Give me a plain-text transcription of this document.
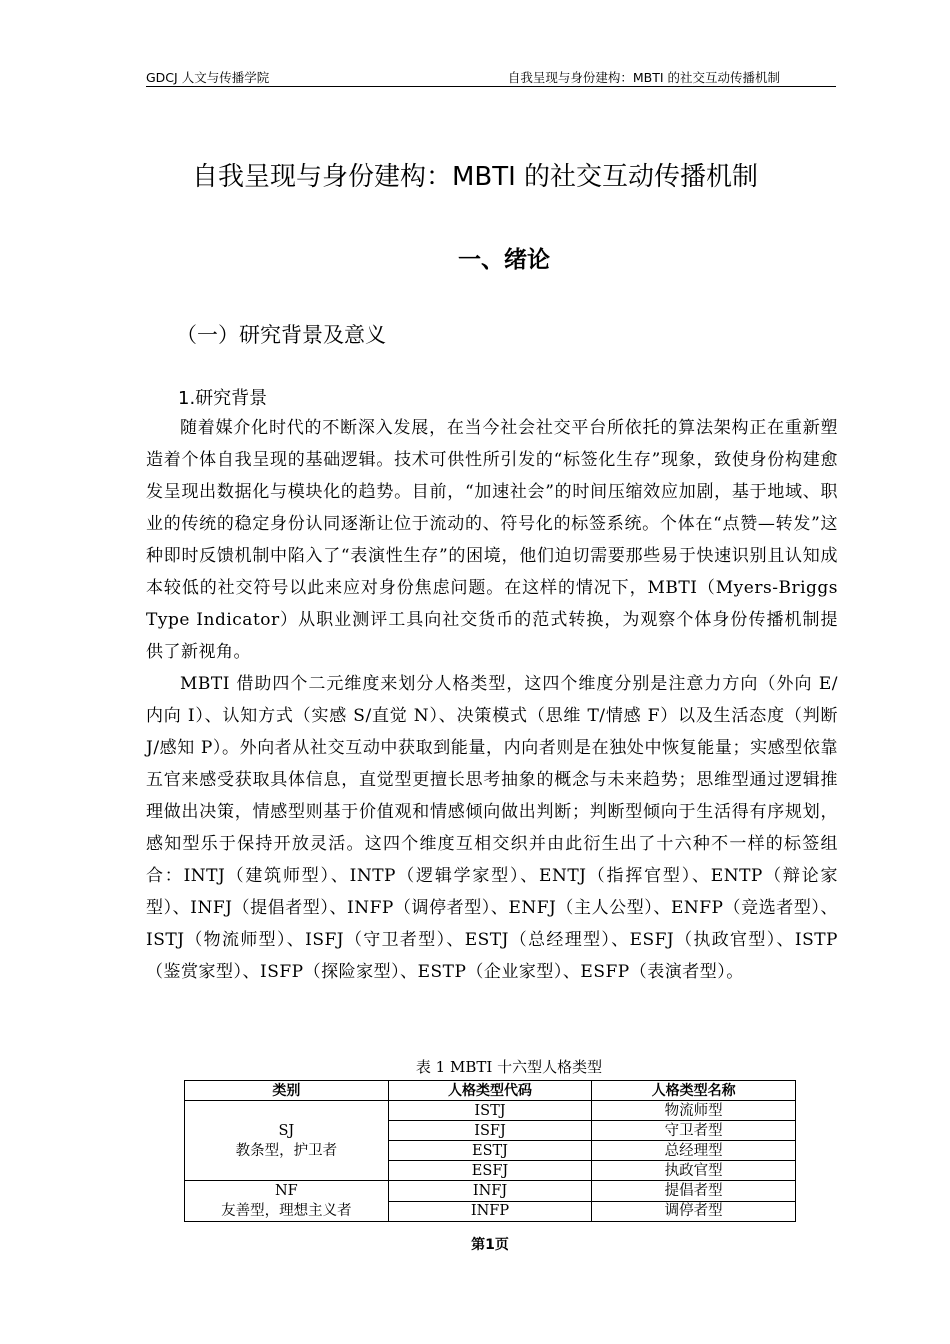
GDCJ 人文与传播学院	自我呈现与身份建构：MBTI 的社交互动传播机制
自我呈现与身份建构：MBTI 的社交互动传播机制
一、绪论
（一）研究背景及意义
1.研究背景

随着媒介化时代的不断深入发展，在当今社会社交平台所依托的算法架构正在重新塑造着个体自我呈现的基础逻辑。技术可供性所引发的“标签化生存”现象，致使身份构建愈发呈现出数据化与模块化的趋势。目前，“加速社会”的时间压缩效应加剧，基于地域、职业的传统的稳定身份认同逐渐让位于流动的、符号化的标签系统。个体在“点赞—转发”这种即时反馈机制中陷入了“表演性生存”的困境，他们迫切需要那些易于快速识别且认知成本较低的社交符号以此来应对身份焦虑问题。在这样的情况下，MBTI（Myers-Briggs Type Indicator）从职业测评工具向社交货币的范式转换，为观察个体身份传播机制提供了新视角。

MBTI 借助四个二元维度来划分人格类型，这四个维度分别是注意力方向（外向 E/内向 I）、认知方式（实感 S/直觉 N）、决策模式（思维 T/情感 F）以及生活态度（判断 J/感知 P）。外向者从社交互动中获取到能量，内向者则是在独处中恢复能量；实感型依靠五官来感受获取具体信息，直觉型更擅长思考抽象的概念与未来趋势；思维型通过逻辑推理做出决策，情感型则基于价值观和情感倾向做出判断；判断型倾向于生活得有序规划，感知型乐于保持开放灵活。这四个维度互相交织并由此衍生出了十六种不一样的标签组合：INTJ（建筑师型）、INTP（逻辑学家型）、ENTJ（指挥官型）、ENTP（辩论家型）、INFJ（提倡者型）、INFP（调停者型）、ENFJ（主人公型）、ENFP（竞选者型）、ISTJ（物流师型）、ISFJ（守卫者型）、ESTJ（总经理型）、ESFJ（执政官型）、ISTP（鉴赏家型）、ISFP（探险家型）、ESTP（企业家型）、ESFP（表演者型）。

表 1 MBTI 十六型人格类型
类别	人格类型代码	人格类型名称

SJ
教条型，护卫者	ISTJ	物流师型
	ISFJ	守卫者型
	ESTJ	总经理型
	ESFJ	执政官型

NF
友善型，理想主义者	INFJ	提倡者型
	INFP	调停者型
第1页
